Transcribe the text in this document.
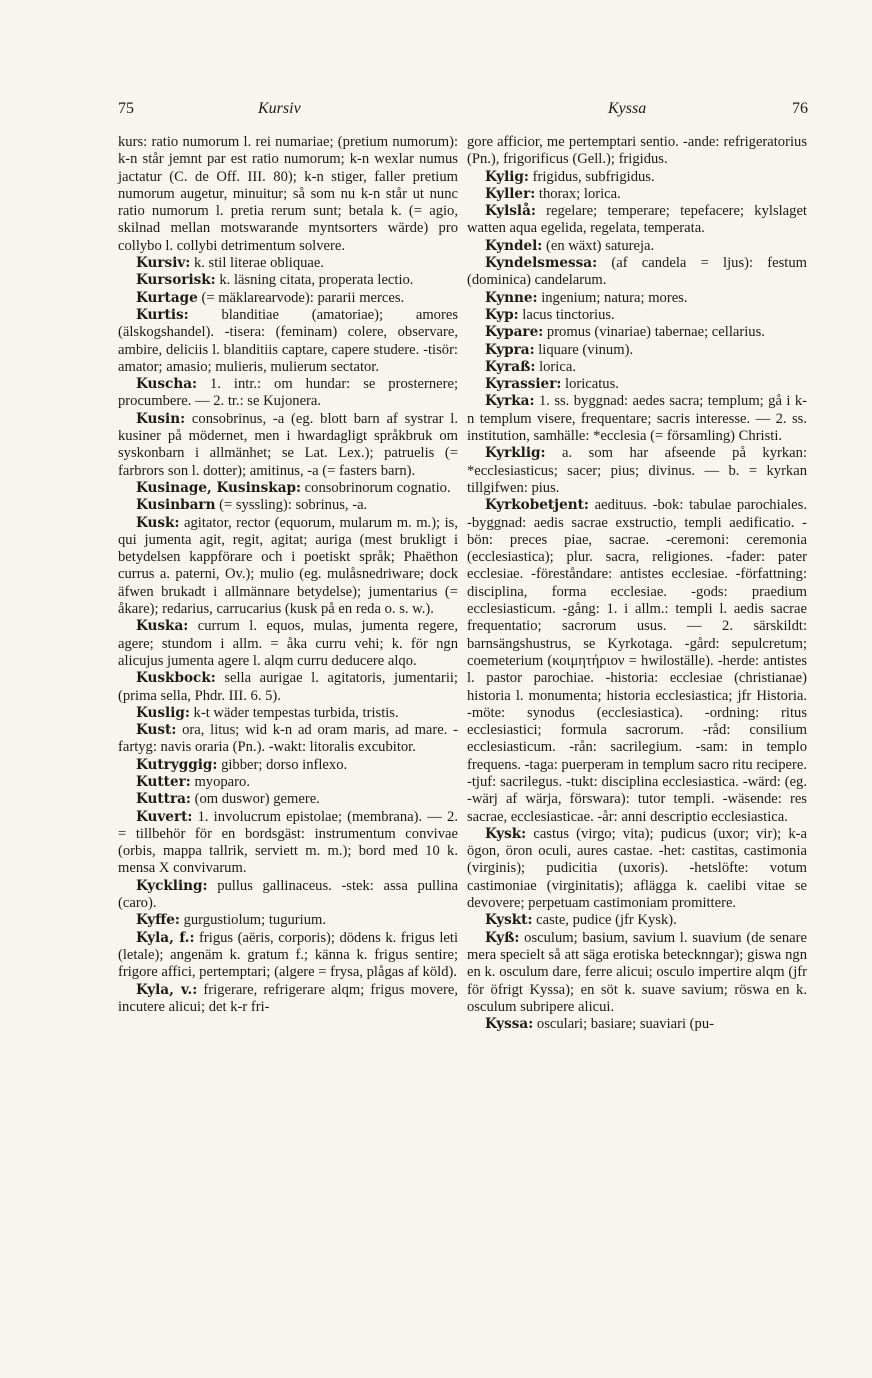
75	Kursiv	Kyssa	76

kurs: ratio numorum l. rei numariae; (pretium numorum): k-n står jemnt par est ratio numorum; k-n wexlar numus jactatur (C. de Off. III. 80); k-n stiger, faller pretium numorum augetur, minuitur; så som nu k-n står ut nunc ratio numorum l. pretia rerum sunt; betala k. (= agio, skilnad mellan motswarande myntsorters wärde) pro collybo l. collybi detrimentum solvere.

Kursiv: k. stil literae obliquae.

Kursorisk: k. läsning citata, properata lectio.

Kurtage (= mäklarearvode): pararii merces.

Kurtis: blanditiae (amatoriae); amores (älskogshandel). -tisera: (feminam) colere, observare, ambire, deliciis l. blanditiis captare, capere studere. -tisör: amator; amasio; mulieris, mulierum sectator.

Kuscha: 1. intr.: om hundar: se prosternere; procumbere. — 2. tr.: se Kujonera.

Kusin: consobrinus, -a (eg. blott barn af systrar l. kusiner på mödernet, men i hwardagligt språkbruk om syskonbarn i allmänhet; se Lat. Lex.); patruelis (= farbrors son l. dotter); amitinus, -a (= fasters barn).

Kusinage, Kusinskap: consobrinorum cognatio.

Kusinbarn (= syssling): sobrinus, -a.

Kusk: agitator, rector (equorum, mularum m. m.); is, qui jumenta agit, regit, agitat; auriga (mest brukligt i betydelsen kappförare och i poetiskt språk; Phaëthon currus a. paterni, Ov.); mulio (eg. mulåsnedriware; dock äfwen brukadt i allmännare betydelse); jumentarius (= åkare); redarius, carrucarius (kusk på en reda o. s. w.).

Kuska: currum l. equos, mulas, jumenta regere, agere; stundom i allm. = åka curru vehi; k. för ngn alicujus jumenta agere l. alqm curru deducere alqo.

Kuskbock: sella aurigae l. agitatoris, jumentarii; (prima sella, Phdr. III. 6. 5).

Kuslig: k-t wäder tempestas turbida, tristis.

Kust: ora, litus; wid k-n ad oram maris, ad mare. -fartyg: navis oraria (Pn.). -wakt: litoralis excubitor.

Kutryggig: gibber; dorso inflexo.

Kutter: myoparo.

Kuttra: (om duswor) gemere.

Kuvert: 1. involucrum epistolae; (membrana). — 2. = tillbehör för en bordsgäst: instrumentum convivae (orbis, mappa tallrik, serviett m. m.); bord med 10 k. mensa X convivarum.

Kyckling: pullus gallinaceus. -stek: assa pullina (caro).

Kyffe: gurgustiolum; tugurium.

Kyla, f.: frigus (aëris, corporis); dödens k. frigus leti (letale); angenäm k. gratum f.; känna k. frigus sentire; frigore affici, pertemptari; (algere = frysa, plågas af köld).

Kyla, v.: frigerare, refrigerare alqm; frigus movere, incutere alicui; det k-r fri-

gore afficior, me pertemptari sentio. -ande: refrigeratorius (Pn.), frigorificus (Gell.); frigidus.

Kylig: frigidus, subfrigidus.

Kyller: thorax; lorica.

Kylslå: regelare; temperare; tepefacere; kylslaget watten aqua egelida, regelata, temperata.

Kyndel: (en wäxt) satureja.

Kyndelsmessa: (af candela = ljus): festum (dominica) candelarum.

Kynne: ingenium; natura; mores.

Kyp: lacus tinctorius.

Kypare: promus (vinariae) tabernae; cellarius.

Kypra: liquare (vinum).

Kyraß: lorica.

Kyrassier: loricatus.

Kyrka: 1. ss. byggnad: aedes sacra; templum; gå i k-n templum visere, frequentare; sacris interesse. — 2. ss. institution, samhälle: *ecclesia (= församling) Christi.

Kyrklig: a. som har afseende på kyrkan: *ecclesiasticus; sacer; pius; divinus. — b. = kyrkan tillgifwen: pius.

Kyrkobetjent: aedituus. -bok: tabulae parochiales. -byggnad: aedis sacrae exstructio, templi aedificatio. -bön: preces piae, sacrae. -ceremoni: ceremonia (ecclesiastica); plur. sacra, religiones. -fader: pater ecclesiae. -föreståndare: antistes ecclesiae. -författning: disciplina, forma ecclesiae. -gods: praedium ecclesiasticum. -gång: 1. i allm.: templi l. aedis sacrae frequentatio; sacrorum usus. — 2. särskildt: barnsängshustrus, se Kyrkotaga. -gård: sepulcretum; coemeterium (κοιμητήριον = hwiloställe). -herde: antistes l. pastor parochiae. -historia: ecclesiae (christianae) historia l. monumenta; historia ecclesiastica; jfr Historia. -möte: synodus (ecclesiastica). -ordning: ritus ecclesiastici; formula sacrorum. -råd: consilium ecclesiasticum. -rån: sacrilegium. -sam: in templo frequens. -taga: puerperam in templum sacro ritu recipere. -tjuf: sacrilegus. -tukt: disciplina ecclesiastica. -wärd: (eg. -wärj af wärja, förswara): tutor templi. -wäsende: res sacrae, ecclesiasticae. -år: anni descriptio ecclesiastica.

Kysk: castus (virgo; vita); pudicus (uxor; vir); k-a ögon, öron oculi, aures castae. -het: castitas, castimonia (virginis); pudicitia (uxoris). -hetslöfte: votum castimoniae (virginitatis); aflägga k. caelibi vitae se devovere; perpetuam castimoniam promittere.

Kyskt: caste, pudice (jfr Kysk).

Kyß: osculum; basium, savium l. suavium (de senare mera specielt så att säga erotiska betecknngar); giswa ngn en k. osculum dare, ferre alicui; osculo impertire alqm (jfr för öfrigt Kyssa); en söt k. suave savium; röswa en k. osculum subripere alicui.

Kyssa: osculari; basiare; suaviari (pu-
